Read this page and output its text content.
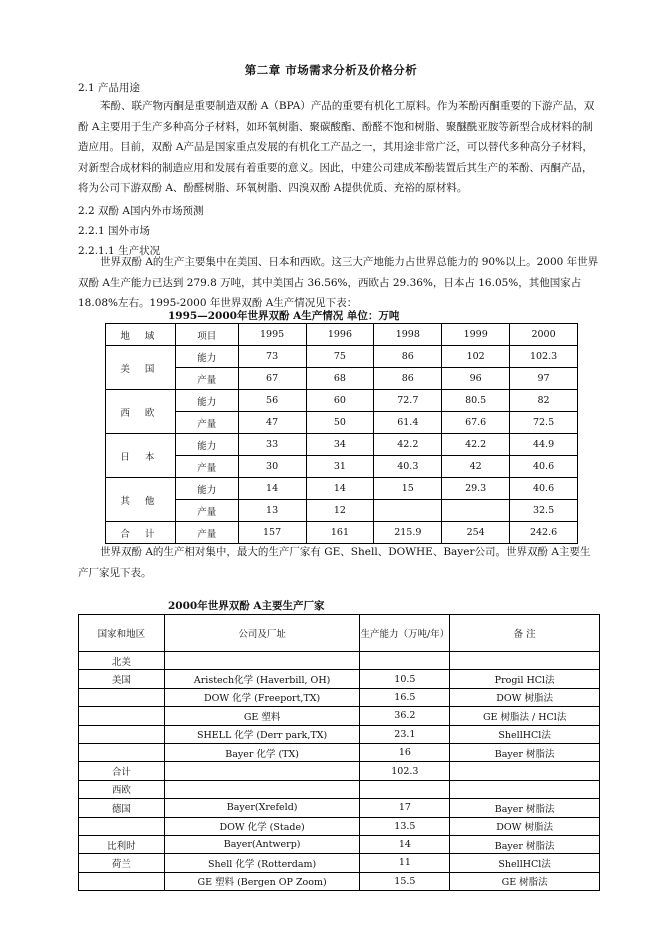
第二章 市场需求分析及价格分析
2.1 产品用途
苯酚、联产物丙酮是重要制造双酚 A（BPA）产品的重要有机化工原料。作为苯酚丙酮重要的下游产品，双酚 A主要用于生产多种高分子材料，如环氧树脂、聚碳酸酯、酚醛不饱和树脂、聚醚酰亚胺等新型合成材料的制造应用。目前，双酚 A产品是国家重点发展的有机化工产品之一，其用途非常广泛，可以替代多种高分子材料，对新型合成材料的制造应用和发展有着重要的意义。因此，中建公司建成苯酚装置后其生产的苯酚、丙酮产品，将为公司下游双酚 A、酚醛树脂、环氧树脂、四溴双酚 A提供优质、充裕的原材料。
2.2 双酚 A国内外市场预测
2.2.1 国外市场
2.2.1.1 生产状况
世界双酚 A的生产主要集中在美国、日本和西欧。这三大产地能力占世界总能力的 90%以上。2000 年世界双酚 A生产能力已达到 279.8 万吨，其中美国占 36.56%，西欧占 29.36%，日本占 16.05%，其他国家占 18.08%左右。1995-2000 年世界双酚 A生产情况见下表：
1995—2000年世界双酚 A生产情况 单位：万吨
地 域	项目	1995	1996	1998	1999	2000
美 国	能力	73	75	86	102	102.3
	产量	67	68	86	96	97
西 欧	能力	56	60	72.7	80.5	82
	产量	47	50	61.4	67.6	72.5
日 本	能力	33	34	42.2	42.2	44.9
	产量	30	31	40.3	42	40.6
其 他	能力	14	14	15	29.3	40.6
	产量	13	12			32.5
合 计	产量	157	161	215.9	254	242.6
世界双酚 A的生产相对集中，最大的生产厂家有 GE、Shell、DOWHE、Bayer公司。世界双酚 A主要生产厂家见下表。
2000年世界双酚 A主要生产厂家
国家和地区	公司及厂址	生产能力（万吨/年）	备 注
北美			
美国	Aristech化学 (Haverbill, OH)	10.5	Progil HCl法
	DOW 化学 (Freeport,TX)	16.5	DOW 树脂法
	GE 塑料	36.2	GE 树脂法 / HCl法
	SHELL 化学 (Derr park,TX)	23.1	ShellHCl法
	Bayer 化学 (TX)	16	Bayer 树脂法
合计		102.3	
西欧			
德国	Bayer(Xrefeld)	17	Bayer 树脂法
	DOW 化学 (Stade)	13.5	DOW 树脂法
比利时	Bayer(Antwerp)	14	Bayer 树脂法
荷兰	Shell 化学 (Rotterdam)	11	ShellHCl法
	GE 塑料 (Bergen OP Zoom)	15.5	GE 树脂法
